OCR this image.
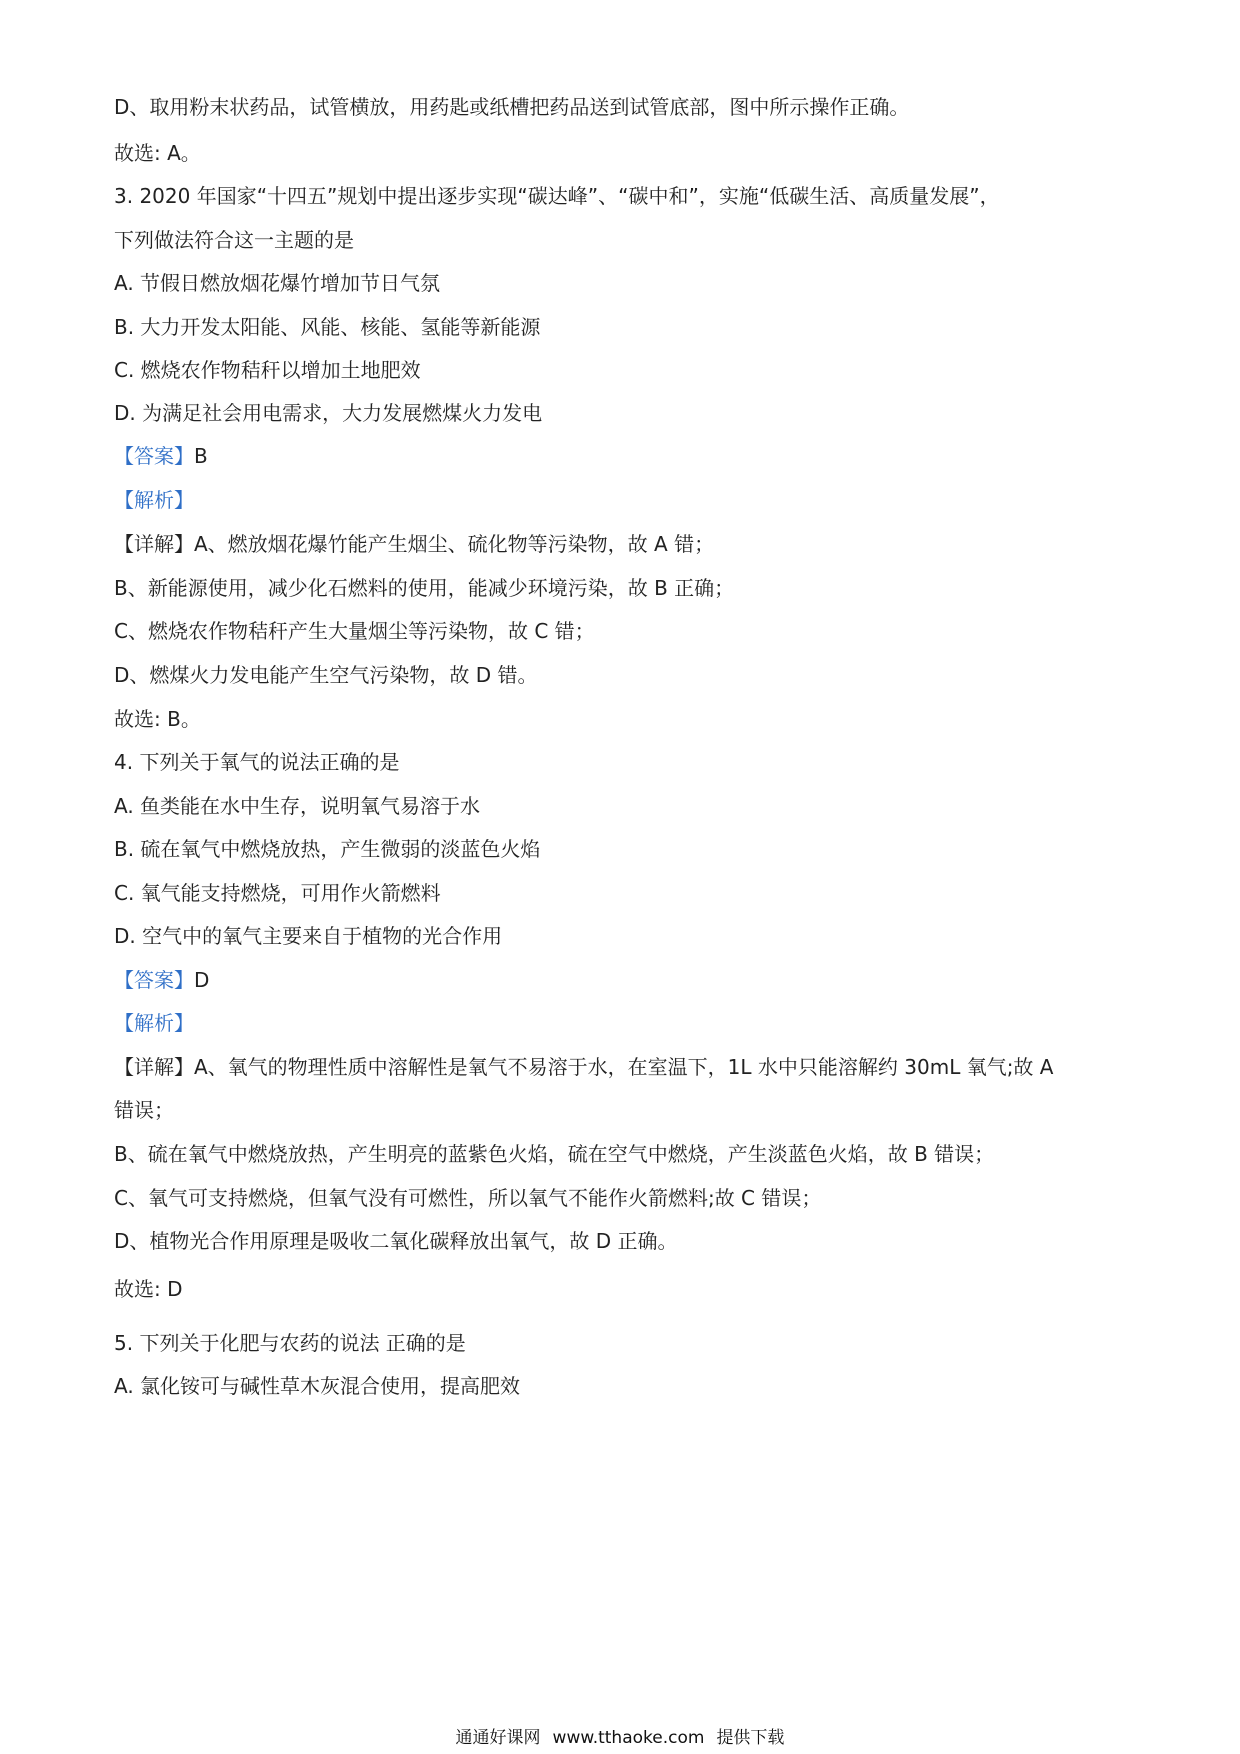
D、取用粉末状药品，试管横放，用药匙或纸槽把药品送到试管底部，图中所示操作正确。
故选: A。
3. 2020 年国家“十四五”规划中提出逐步实现“碳达峰”、“碳中和”，实施“低碳生活、高质量发展”，
下列做法符合这一主题的是
A. 节假日燃放烟花爆竹增加节日气氛
B. 大力开发太阳能、风能、核能、氢能等新能源
C. 燃烧农作物秸秆以增加土地肥效
D. 为满足社会用电需求，大力发展燃煤火力发电
【答案】B
【解析】
【详解】A、燃放烟花爆竹能产生烟尘、硫化物等污染物，故 A 错；
B、新能源使用，减少化石燃料的使用，能减少环境污染，故 B 正确；
C、燃烧农作物秸秆产生大量烟尘等污染物，故 C 错；
D、燃煤火力发电能产生空气污染物，故 D 错。
故选: B。
4. 下列关于氧气的说法正确的是
A. 鱼类能在水中生存，说明氧气易溶于水
B. 硫在氧气中燃烧放热，产生微弱的淡蓝色火焰
C. 氧气能支持燃烧，可用作火箭燃料
D. 空气中的氧气主要来自于植物的光合作用
【答案】D
【解析】
【详解】A、氧气的物理性质中溶解性是氧气不易溶于水，在室温下，1L 水中只能溶解约 30mL 氧气;故 A
错误；
B、硫在氧气中燃烧放热，产生明亮的蓝紫色火焰，硫在空气中燃烧，产生淡蓝色火焰，故 B 错误；
C、氧气可支持燃烧，但氧气没有可燃性，所以氧气不能作火箭燃料;故 C 错误；
D、植物光合作用原理是吸收二氧化碳释放出氧气，故 D 正确。
故选: D
5. 下列关于化肥与农药的说法 正确的是
A. 氯化铵可与碱性草木灰混合使用，提高肥效
通通好课网 www.tthaoke.com 提供下载
